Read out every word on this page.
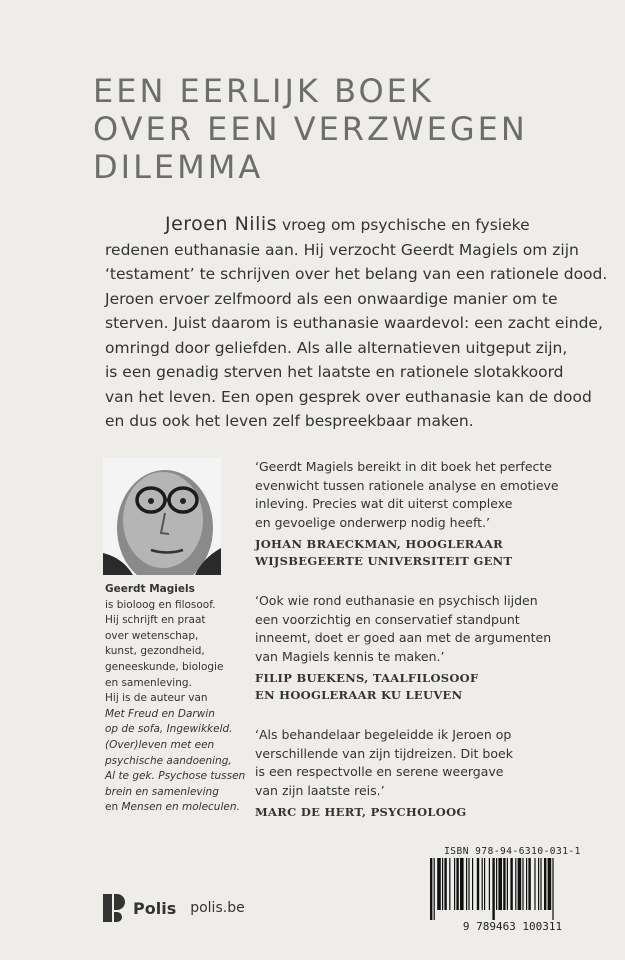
EEN EERLIJK BOEK
OVER EEN VERZWEGEN
DILEMMA
Jeroen Nilis vroeg om psychische en fysieke
redenen euthanasie aan. Hij verzocht Geerdt Magiels om zijn
‘testament’ te schrijven over het belang van een rationele dood.
Jeroen ervoer zelfmoord als een onwaardige manier om te
sterven. Juist daarom is euthanasie waardevol: een zacht einde,
omringd door geliefden. Als alle alternatieven uitgeput zijn,
is een genadig sterven het laatste en rationele slotakkoord
van het leven. Een open gesprek over euthanasie kan de dood
en dus ook het leven zelf bespreekbaar maken.
Geerdt Magiels
is bioloog en filosoof.
Hij schrijft en praat
over wetenschap,
kunst, gezondheid,
geneeskunde, biologie
en samenleving.
Hij is de auteur van
Met Freud en Darwin
op de sofa, Ingewikkeld.
(Over)leven met een
psychische aandoening,
Al te gek. Psychose tussen
brein en samenleving
en Mensen en moleculen.
‘Geerdt Magiels bereikt in dit boek het perfecte
evenwicht tussen rationele analyse en emotieve
inleving. Precies wat dit uiterst complexe
en gevoelige onderwerp nodig heeft.’
JOHAN BRAECKMAN, HOOGLERAAR
WIJSBEGEERTE UNIVERSITEIT GENT
‘Ook wie rond euthanasie en psychisch lijden
een voorzichtig en conservatief standpunt
inneemt, doet er goed aan met de argumenten
van Magiels kennis te maken.’
FILIP BUEKENS, TAALFILOSOOF
EN HOOGLERAAR KU LEUVEN
‘Als behandelaar begeleidde ik Jeroen op
verschillende van zijn tijdreizen. Dit boek
is een respectvolle en serene weergave
van zijn laatste reis.’
MARC DE HERT, PSYCHOLOOG
Polis polis.be
ISBN 978-94-6310-031-1
9 789463 100311
